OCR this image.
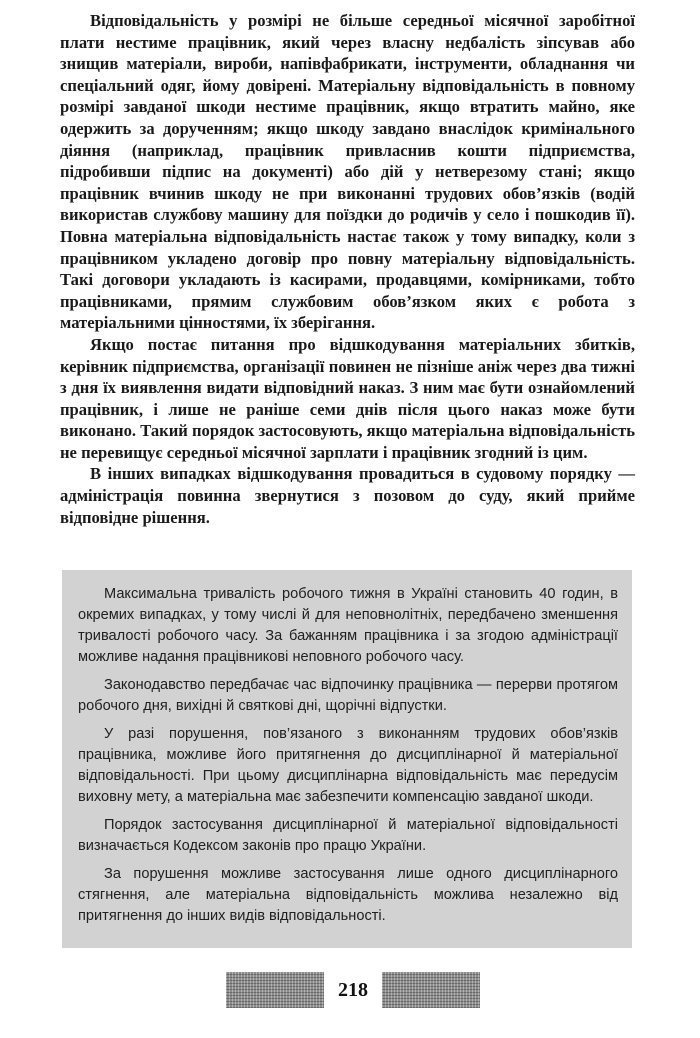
Відповідальність у розмірі не більше середньої місячної заробітної плати нестиме працівник, який через власну недбалість зіпсував або знищив матеріали, вироби, напівфабрикати, інструменти, обладнання чи спеціальний одяг, йому довірені. Матеріальну відповідальність в повному розмірі завданої шкоди нестиме працівник, якщо втратить майно, яке одержить за дорученням; якщо шкоду завдано внаслідок кримінального діяння (наприклад, працівник привласнив кошти підприємства, підробивши підпис на документі) або дій у нетверезому стані; якщо працівник вчинив шкоду не при виконанні трудових обов’язків (водій використав службову машину для поїздки до родичів у село і пошкодив її). Повна матеріальна відповідальність настає також у тому випадку, коли з працівником укладено договір про повну матеріальну відповідальність. Такі договори укладають із касирами, продавцями, комірниками, тобто працівниками, прямим службовим обов’язком яких є робота з матеріальними цінностями, їх зберігання.

Якщо постає питання про відшкодування матеріальних збитків, керівник підприємства, організації повинен не пізніше аніж через два тижні з дня їх виявлення видати відповідний наказ. З ним має бути ознайомлений працівник, і лише не раніше семи днів після цього наказ може бути виконано. Такий порядок застосовують, якщо матеріальна відповідальність не перевищує середньої місячної зарплати і працівник згодний із цим.

В інших випадках відшкодування провадиться в судовому порядку — адміністрація повинна звернутися з позовом до суду, який прийме відповідне рішення.

Максимальна тривалість робочого тижня в Україні становить 40 годин, в окремих випадках, у тому числі й для неповнолітніх, передбачено зменшення тривалості робочого часу. За бажанням працівника і за згодою адміністрації можливе надання працівникові неповного робочого часу.

Законодавство передбачає час відпочинку працівника — перерви протягом робочого дня, вихідні й святкові дні, щорічні відпустки.

У разі порушення, пов’язаного з виконанням трудових обов’язків працівника, можливе його притягнення до дисциплінарної й матеріальної відповідальності. При цьому дисциплінарна відповідальність має передусім виховну мету, а матеріальна має забезпечити компенсацію завданої шкоди.

Порядок застосування дисциплінарної й матеріальної відповідальності визначається Кодексом законів про працю України.

За порушення можливе застосування лише одного дисциплінарного стягнення, але матеріальна відповідальність можлива незалежно від притягнення до інших видів відповідальності.

218
